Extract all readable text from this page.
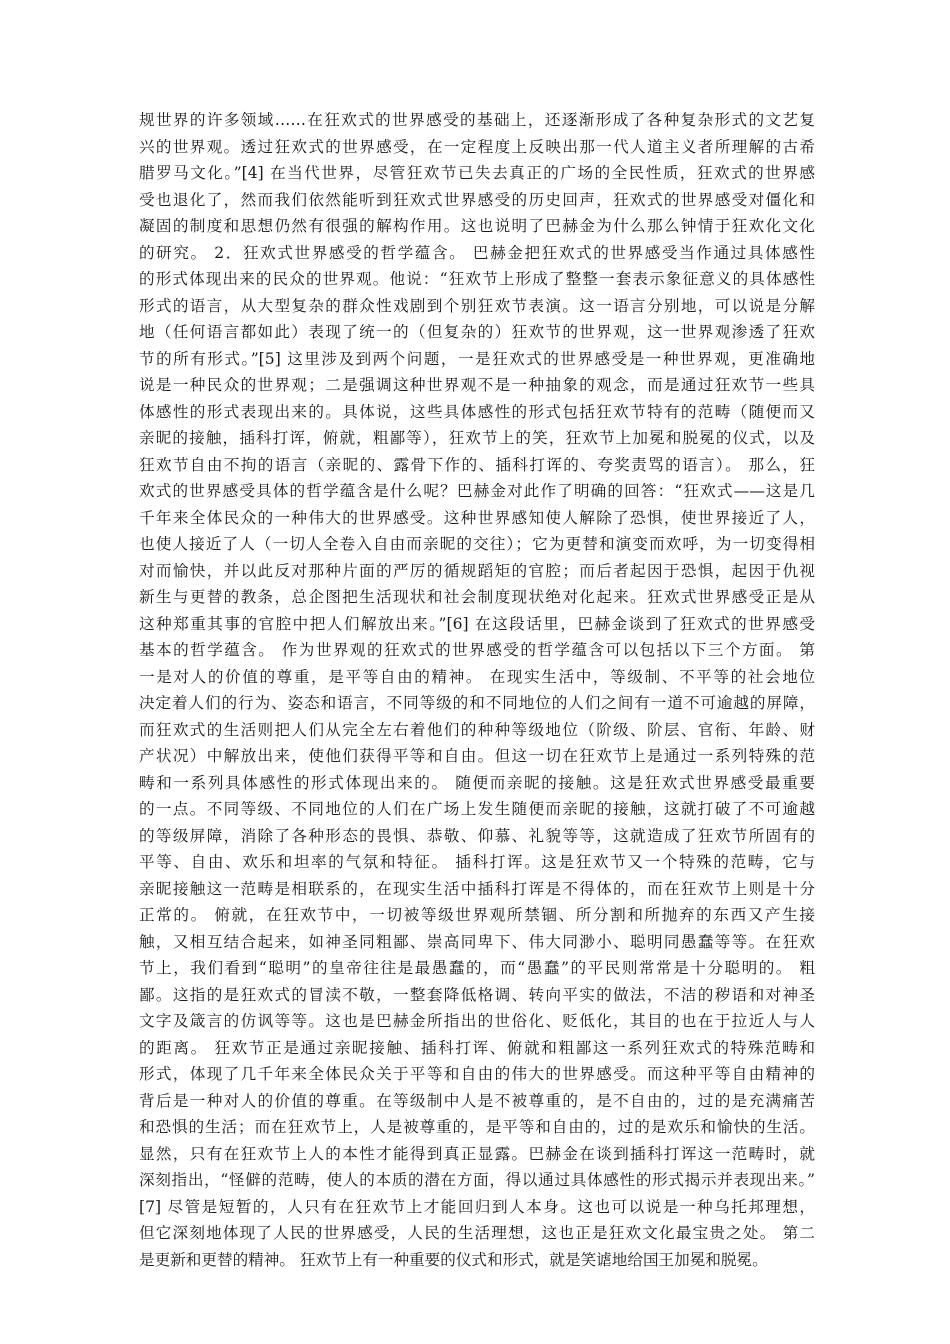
规世界的许多领域……在狂欢式的世界感受的基础上，还逐渐形成了各种复杂形式的文艺复
兴的世界观。透过狂欢式的世界感受，在一定程度上反映出那一代人道主义者所理解的古希
腊罗马文化。”[4] 在当代世界，尽管狂欢节已失去真正的广场的全民性质，狂欢式的世界感
受也退化了，然而我们依然能听到狂欢式世界感受的历史回声，狂欢式的世界感受对僵化和
凝固的制度和思想仍然有很强的解构作用。这也说明了巴赫金为什么那么钟情于狂欢化文化
的研究。 2．狂欢式世界感受的哲学蕴含。 巴赫金把狂欢式的世界感受当作通过具体感性
的形式体现出来的民众的世界观。他说：“狂欢节上形成了整整一套表示象征意义的具体感性
形式的语言，从大型复杂的群众性戏剧到个别狂欢节表演。这一语言分别地，可以说是分解
地（任何语言都如此）表现了统一的（但复杂的）狂欢节的世界观，这一世界观渗透了狂欢
节的所有形式。”[5] 这里涉及到两个问题，一是狂欢式的世界感受是一种世界观，更准确地
说是一种民众的世界观；二是强调这种世界观不是一种抽象的观念，而是通过狂欢节一些具
体感性的形式表现出来的。具体说，这些具体感性的形式包括狂欢节特有的范畴（随便而又
亲昵的接触，插科打诨，俯就，粗鄙等），狂欢节上的笑，狂欢节上加冕和脱冕的仪式，以及
狂欢节自由不拘的语言（亲昵的、露骨下作的、插科打诨的、夸奖责骂的语言）。 那么，狂
欢式的世界感受具体的哲学蕴含是什么呢？巴赫金对此作了明确的回答：“狂欢式——这是几
千年来全体民众的一种伟大的世界感受。这种世界感知使人解除了恐惧，使世界接近了人，
也使人接近了人（一切人全卷入自由而亲昵的交往）；它为更替和演变而欢呼，为一切变得相
对而愉快，并以此反对那种片面的严厉的循规蹈矩的官腔；而后者起因于恐惧，起因于仇视
新生与更替的教条，总企图把生活现状和社会制度现状绝对化起来。狂欢式世界感受正是从
这种郑重其事的官腔中把人们解放出来。”[6] 在这段话里，巴赫金谈到了狂欢式的世界感受
基本的哲学蕴含。 作为世界观的狂欢式的世界感受的哲学蕴含可以包括以下三个方面。 第
一是对人的价值的尊重，是平等自由的精神。 在现实生活中，等级制、不平等的社会地位
决定着人们的行为、姿态和语言，不同等级的和不同地位的人们之间有一道不可逾越的屏障，
而狂欢式的生活则把人们从完全左右着他们的种种等级地位（阶级、阶层、官衔、年龄、财
产状况）中解放出来，使他们获得平等和自由。但这一切在狂欢节上是通过一系列特殊的范
畴和一系列具体感性的形式体现出来的。 随便而亲昵的接触。这是狂欢式世界感受最重要
的一点。不同等级、不同地位的人们在广场上发生随便而亲昵的接触，这就打破了不可逾越
的等级屏障，消除了各种形态的畏惧、恭敬、仰慕、礼貌等等，这就造成了狂欢节所固有的
平等、自由、欢乐和坦率的气氛和特征。 插科打诨。这是狂欢节又一个特殊的范畴，它与
亲昵接触这一范畴是相联系的，在现实生活中插科打诨是不得体的，而在狂欢节上则是十分
正常的。 俯就，在狂欢节中，一切被等级世界观所禁锢、所分割和所抛弃的东西又产生接
触，又相互结合起来，如神圣同粗鄙、崇高同卑下、伟大同渺小、聪明同愚蠢等等。在狂欢
节上，我们看到“聪明”的皇帝往往是最愚蠢的，而“愚蠢”的平民则常常是十分聪明的。 粗
鄙。这指的是狂欢式的冒渎不敬，一整套降低格调、转向平实的做法，不洁的秽语和对神圣
文字及箴言的仿讽等等。这也是巴赫金所指出的世俗化、贬低化，其目的也在于拉近人与人
的距离。 狂欢节正是通过亲昵接触、插科打诨、俯就和粗鄙这一系列狂欢式的特殊范畴和
形式，体现了几千年来全体民众关于平等和自由的伟大的世界感受。而这种平等自由精神的
背后是一种对人的价值的尊重。在等级制中人是不被尊重的，是不自由的，过的是充满痛苦
和恐惧的生活；而在狂欢节上，人是被尊重的，是平等和自由的，过的是欢乐和愉快的生活。
显然，只有在狂欢节上人的本性才能得到真正显露。巴赫金在谈到插科打诨这一范畴时，就
深刻指出，“怪僻的范畴，使人的本质的潜在方面，得以通过具体感性的形式揭示并表现出来。”
[7] 尽管是短暂的，人只有在狂欢节上才能回归到人本身。这也可以说是一种乌托邦理想，
但它深刻地体现了人民的世界感受，人民的生活理想，这也正是狂欢文化最宝贵之处。 第二
是更新和更替的精神。 狂欢节上有一种重要的仪式和形式，就是笑谑地给国王加冕和脱冕。
